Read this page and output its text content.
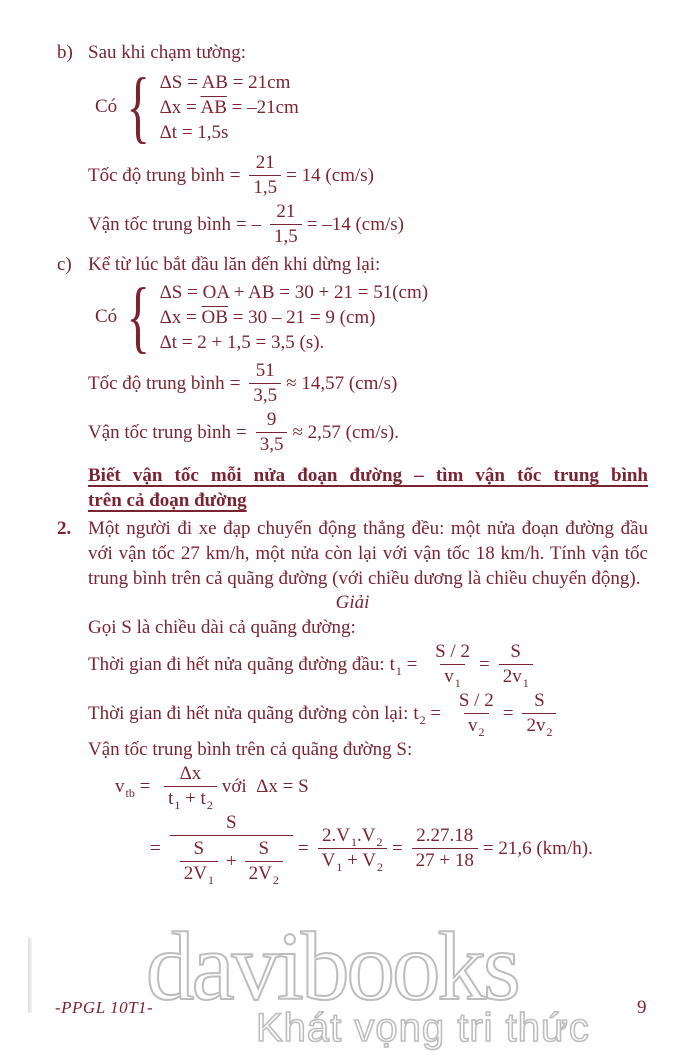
davibooks
Khát vọng tri thức
b) Sau khi chạm tường:
Có { ΔS = AB = 21cm
$\Delta x = \overline{AB} = -21cm$
Δt = 1,5s
Tốc độ trung bình = $\frac{21}{1,5} = 14$ (cm/s)
Vận tốc trung bình = – $\frac{21}{1,5} = -14$ (cm/s)
c) Kể từ lúc bắt đầu lăn đến khi dừng lại:
Có { ΔS = OA + AB = 30 + 21 = 51(cm)
$\Delta x = \overline{OB} = 30 - 21 = 9$ (cm)
Δt = 2 + 1,5 = 3,5 (s).
Tốc độ trung bình = $\frac{51}{3,5} \approx 14,57$ (cm/s)
Vận tốc trung bình = $\frac{9}{3,5} \approx 2,57$ (cm/s).
Biết vận tốc mỗi nửa đoạn đường – tìm vận tốc trung bình
trên cả đoạn đường
2. Một người đi xe đạp chuyển động thẳng đều: một nửa đoạn đường đầu với vận tốc 27 km/h, một nửa còn lại với vận tốc 18 km/h. Tính vận tốc trung bình trên cả quãng đường (với chiều dương là chiều chuyển động).
Giải
Gọi S là chiều dài cả quãng đường:
Thời gian đi hết nửa quãng đường đầu: $t_1 = \frac{S / 2}{v_1} = \frac{S}{2v_1}$
Thời gian đi hết nửa quãng đường còn lại: $t_2 = \frac{S / 2}{v_2} = \frac{S}{2v_2}$
Vận tốc trung bình trên cả quãng đường S:
$v_{tb} = \frac{\Delta x}{t_1 + t_2}$ với  Δx = S
= $\frac{S}{\frac{S}{2V_1} + \frac{S}{2V_2}} = \frac{2.V_1.V_2}{V_1 + V_2} = \frac{2.27.18}{27 + 18} = 21,6$ (km/h).
-PPGL 10T1-	9
